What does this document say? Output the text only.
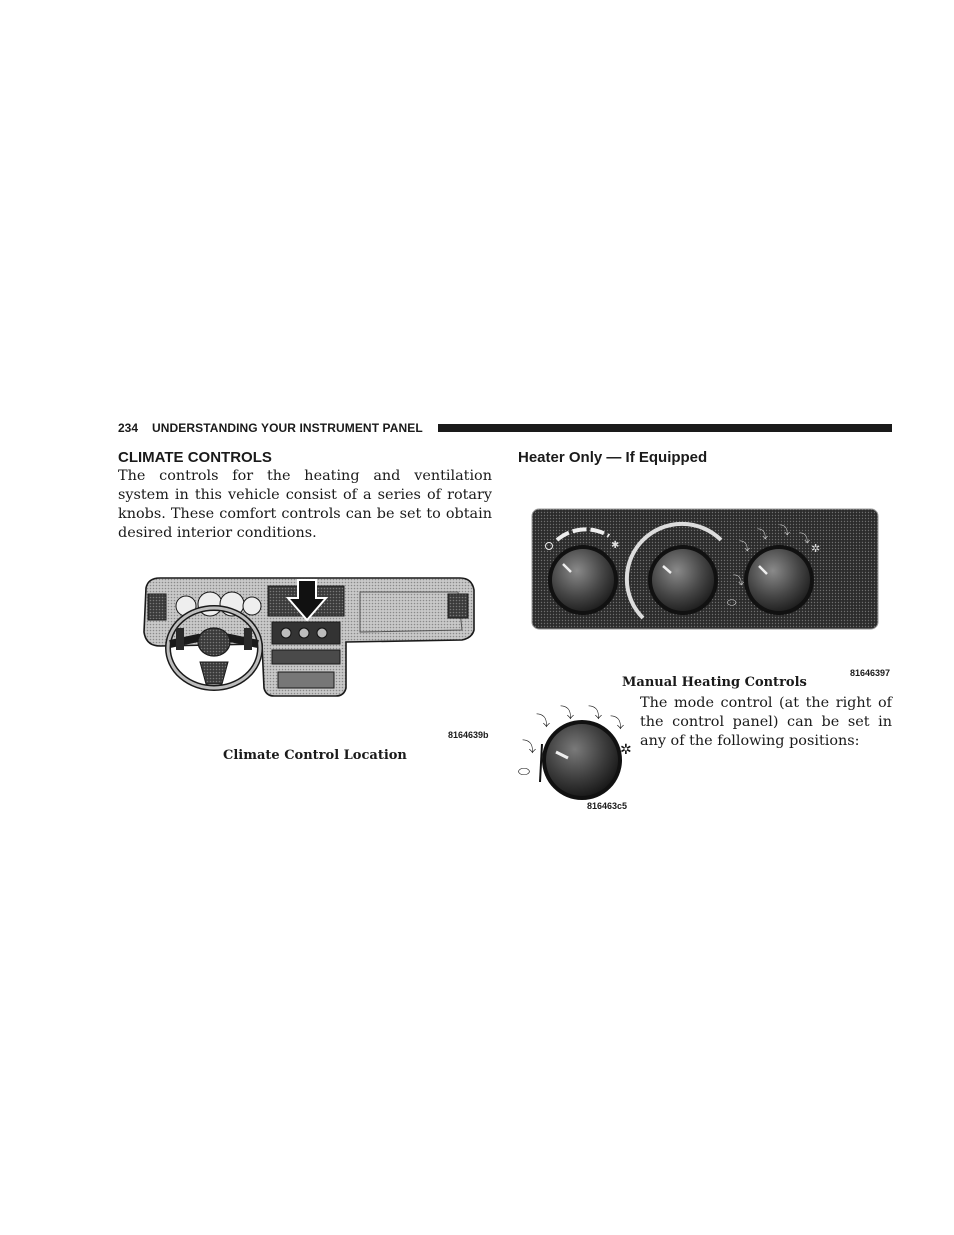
234 UNDERSTANDING YOUR INSTRUMENT PANEL
CLIMATE CONTROLS
The controls for the heating and ventilation system in this vehicle consist of a series of rotary knobs. These comfort controls can be set to obtain desired interior conditions.
8164639b
Climate Control Location
Heater Only — If Equipped
✱	⤵
⤵ ⤵
⤵
✲
⤵
⬭
81646397
Manual Heating Controls
⤵ ⤵ ⤵
⤵
✲
⤵
⬭
816463c5
The mode control (at the right of the control panel) can be set in any of the following positions:
